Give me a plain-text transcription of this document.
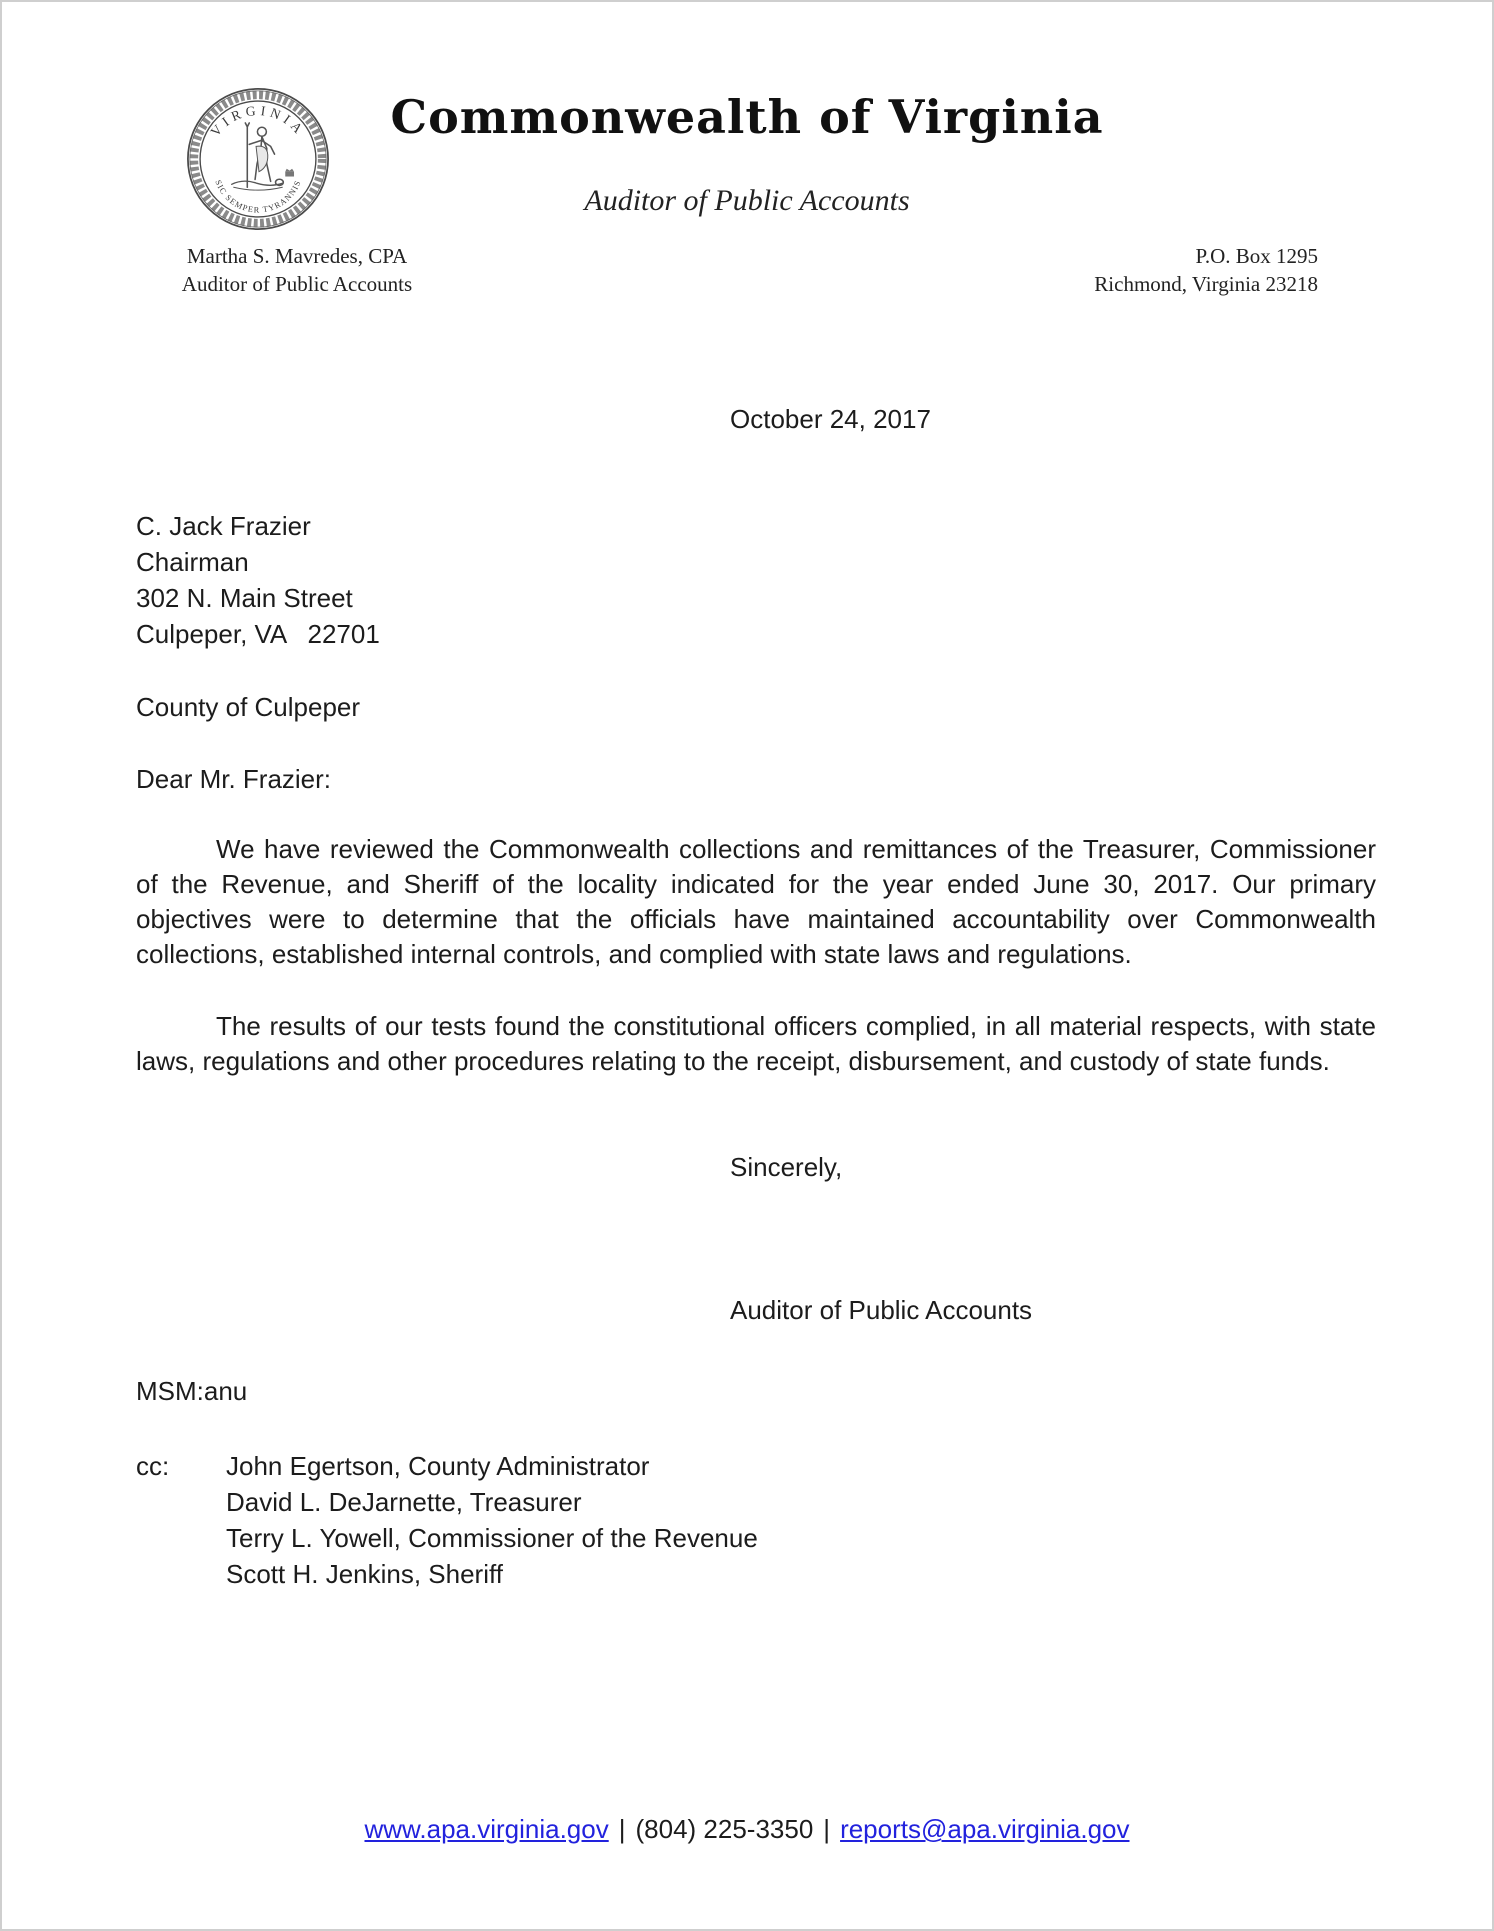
VIRGINIA
SIC SEMPER TYRANNIS
Commonwealth of Virginia
Auditor of Public Accounts
Martha S. Mavredes, CPA
Auditor of Public Accounts
P.O. Box 1295
Richmond, Virginia 23218
October 24, 2017
C. Jack Frazier
Chairman
302 N. Main Street
Culpeper, VA   22701
County of Culpeper
Dear Mr. Frazier:
We have reviewed the Commonwealth collections and remittances of the Treasurer, Commissioner of the Revenue, and Sheriff of the locality indicated for the year ended June 30, 2017. Our primary objectives were to determine that the officials have maintained accountability over Commonwealth collections, established internal controls, and complied with state laws and regulations.
The results of our tests found the constitutional officers complied, in all material respects, with state laws, regulations and other procedures relating to the receipt, disbursement, and custody of state funds.
Sincerely,
Auditor of Public Accounts
MSM:anu
cc:	John Egertson, County Administrator
David L. DeJarnette, Treasurer
Terry L. Yowell, Commissioner of the Revenue
Scott H. Jenkins, Sheriff
www.apa.virginia.gov | (804) 225-3350 | reports@apa.virginia.gov
